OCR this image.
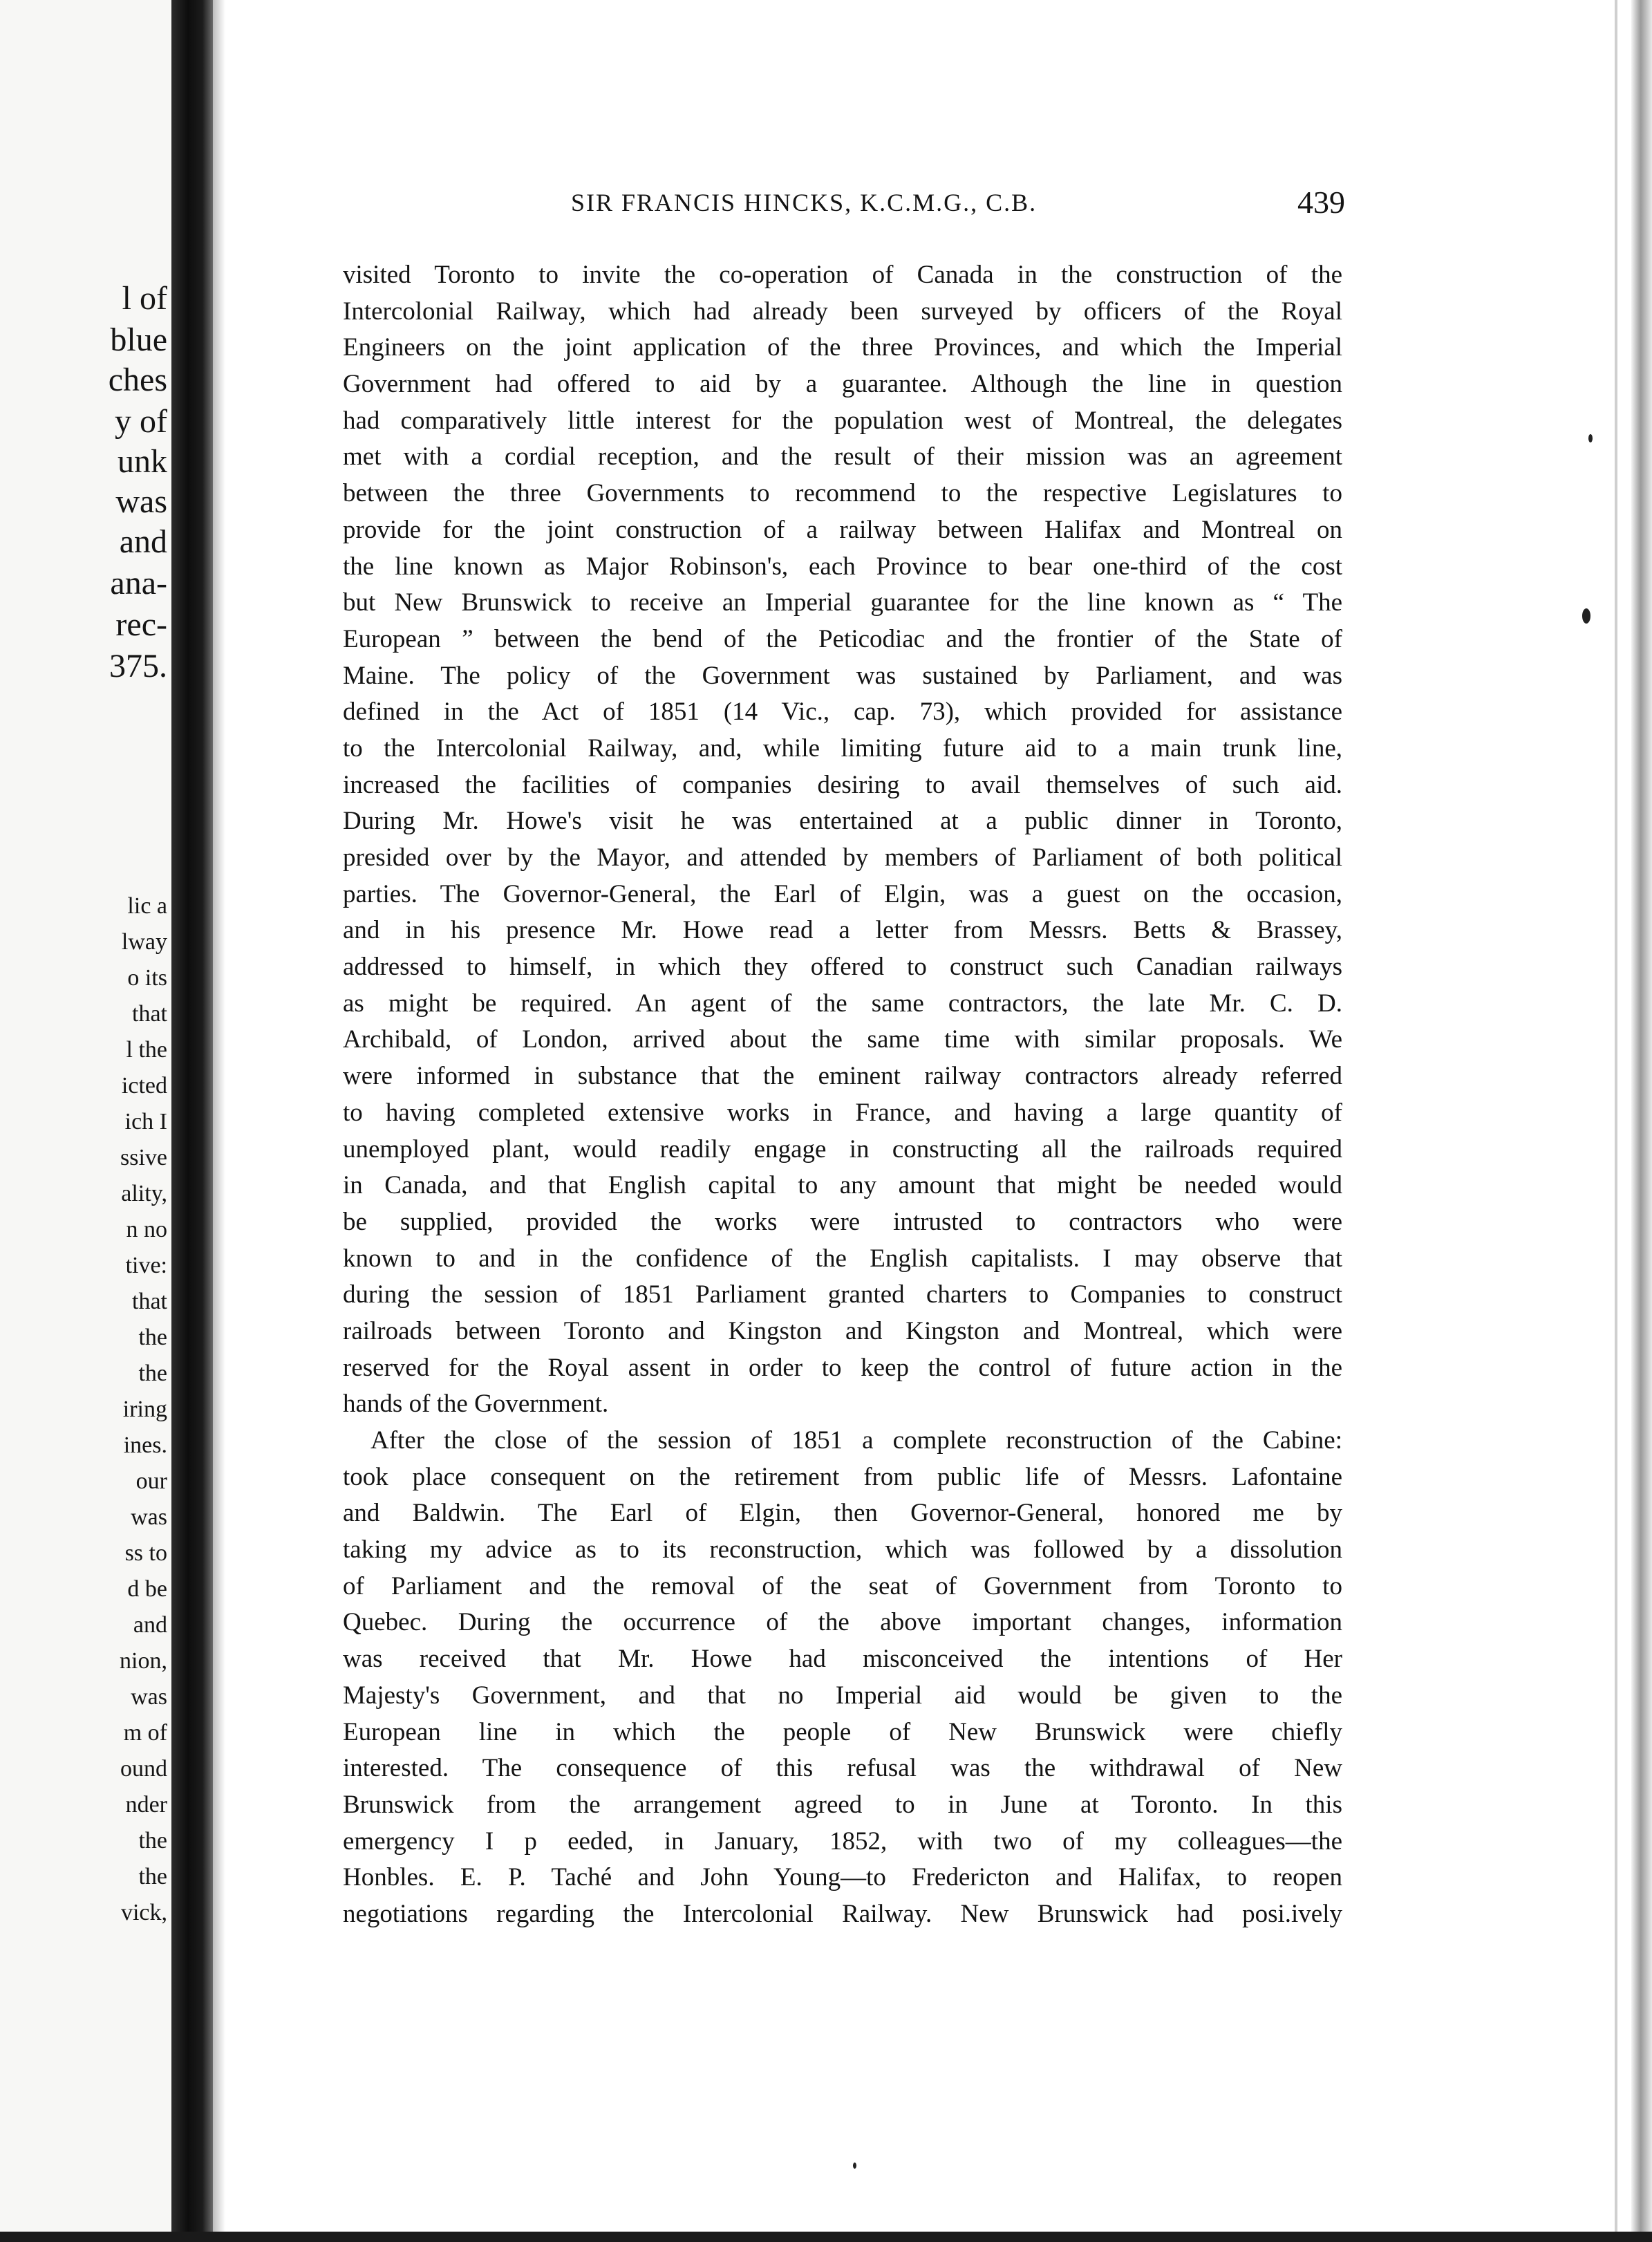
l of
blue
ches
y of
unk
was
and
ana-
rec-
375.
lic a
lway
o its
that
l the
icted
ich I
ssive
ality,
n no
tive:
that
the
the
iring
ines.
our
was
ss to
d be
and
nion,
was
m of
ound
nder
the
the
vick,
SIR FRANCIS HINCKS, K.C.M.G., C.B.	439
visited Toronto to invite the co-operation of Canada in the construction of the
Intercolonial Railway, which had already been surveyed by officers of the Royal
Engineers on the joint application of the three Provinces, and which the Imperial
Government had offered to aid by a guarantee. Although the line in question
had comparatively little interest for the population west of Montreal, the delegates
met with a cordial reception, and the result of their mission was an agreement
between the three Governments to recommend to the respective Legislatures to
provide for the joint construction of a railway between Halifax and Montreal on
the line known as Major Robinson's, each Province to bear one-third of the cost
but New Brunswick to receive an Imperial guarantee for the line known as “ The
European ” between the bend of the Peticodiac and the frontier of the State of
Maine. The policy of the Government was sustained by Parliament, and was
defined in the Act of 1851 (14 Vic., cap. 73), which provided for assistance
to the Intercolonial Railway, and, while limiting future aid to a main trunk line,
increased the facilities of companies desiring to avail themselves of such aid.
During Mr. Howe's visit he was entertained at a public dinner in Toronto,
presided over by the Mayor, and attended by members of Parliament of both political
parties. The Governor-General, the Earl of Elgin, was a guest on the occasion,
and in his presence Mr. Howe read a letter from Messrs. Betts & Brassey,
addressed to himself, in which they offered to construct such Canadian railways
as might be required. An agent of the same contractors, the late Mr. C. D.
Archibald, of London, arrived about the same time with similar proposals. We
were informed in substance that the eminent railway contractors already referred
to having completed extensive works in France, and having a large quantity of
unemployed plant, would readily engage in constructing all the railroads required
in Canada, and that English capital to any amount that might be needed would
be supplied, provided the works were intrusted to contractors who were
known to and in the confidence of the English capitalists. I may observe that
during the session of 1851 Parliament granted charters to Companies to construct
railroads between Toronto and Kingston and Kingston and Montreal, which were
reserved for the Royal assent in order to keep the control of future action in the
hands of the Government.
After the close of the session of 1851 a complete reconstruction of the Cabine:
took place consequent on the retirement from public life of Messrs. Lafontaine
and Baldwin. The Earl of Elgin, then Governor-General, honored me by
taking my advice as to its reconstruction, which was followed by a dissolution
of Parliament and the removal of the seat of Government from Toronto to
Quebec. During the occurrence of the above important changes, information
was received that Mr. Howe had misconceived the intentions of Her
Majesty's Government, and that no Imperial aid would be given to the
European line in which the people of New Brunswick were chiefly
interested. The consequence of this refusal was the withdrawal of New
Brunswick from the arrangement agreed to in June at Toronto. In this
emergency I p eeded, in January, 1852, with two of my colleagues—the
Honbles. E. P. Taché and John Young—to Fredericton and Halifax, to reopen
negotiations regarding the Intercolonial Railway. New Brunswick had posi.ively
